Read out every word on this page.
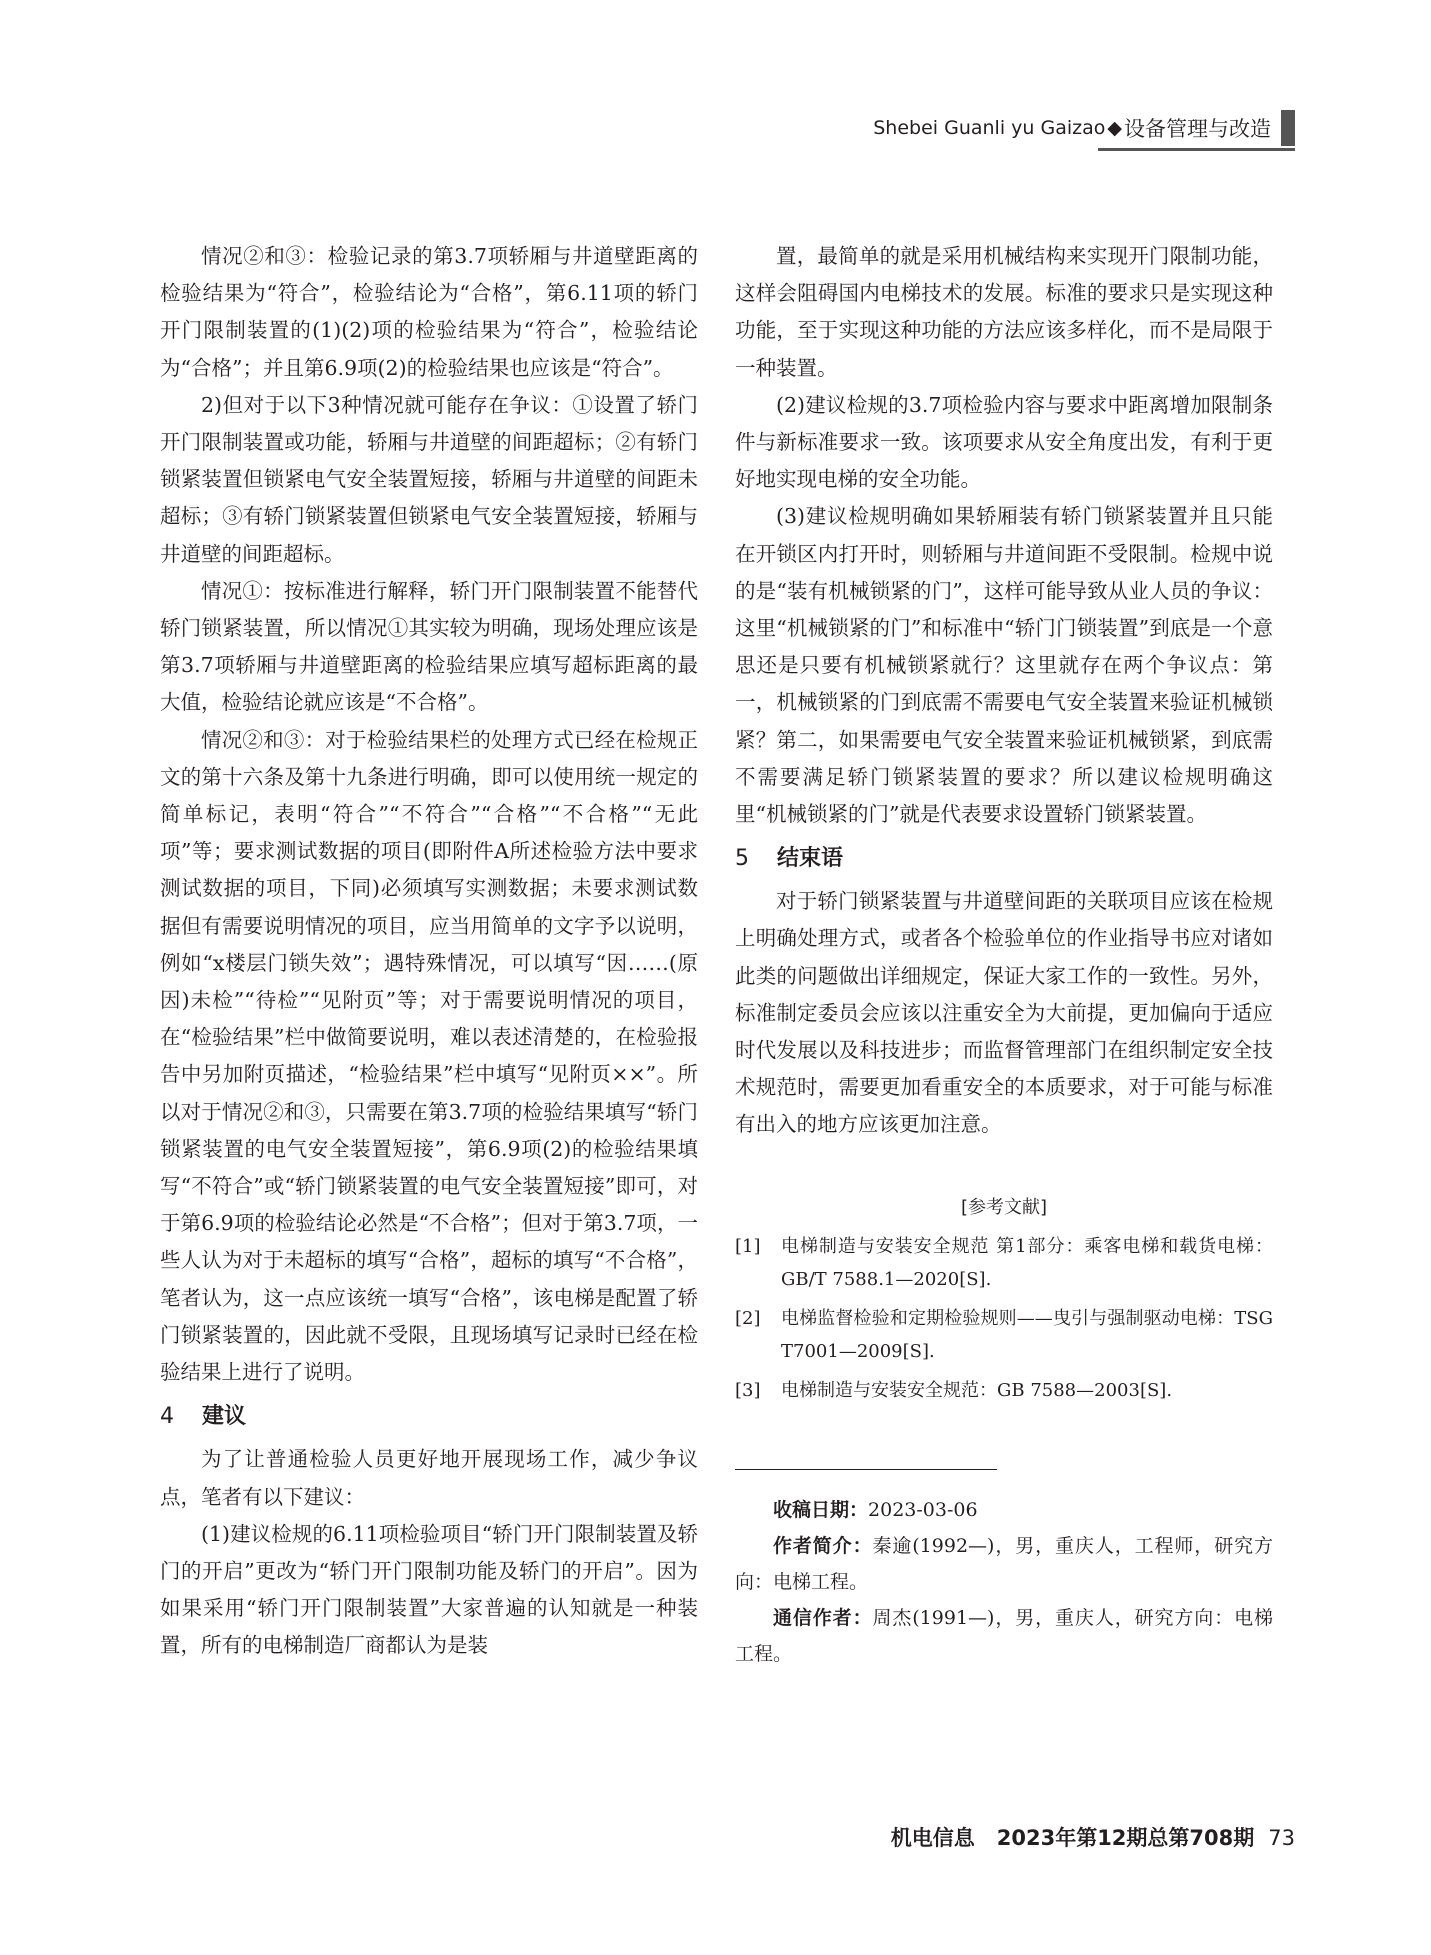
Shebei Guanli yu Gaizao ◆ 设备管理与改造

情况②和③：检验记录的第3.7项轿厢与井道壁距离的检验结果为“符合”，检验结论为“合格”，第6.11项的轿门开门限制装置的(1)(2)项的检验结果为“符合”，检验结论为“合格”；并且第6.9项(2)的检验结果也应该是“符合”。

2)但对于以下3种情况就可能存在争议：①设置了轿门开门限制装置或功能，轿厢与井道壁的间距超标；②有轿门锁紧装置但锁紧电气安全装置短接，轿厢与井道壁的间距未超标；③有轿门锁紧装置但锁紧电气安全装置短接，轿厢与井道壁的间距超标。

情况①：按标准进行解释，轿门开门限制装置不能替代轿门锁紧装置，所以情况①其实较为明确，现场处理应该是第3.7项轿厢与井道壁距离的检验结果应填写超标距离的最大值，检验结论就应该是“不合格”。

情况②和③：对于检验结果栏的处理方式已经在检规正文的第十六条及第十九条进行明确，即可以使用统一规定的简单标记，表明“符合”“不符合”“合格”“不合格”“无此项”等；要求测试数据的项目(即附件A所述检验方法中要求测试数据的项目，下同)必须填写实测数据；未要求测试数据但有需要说明情况的项目，应当用简单的文字予以说明，例如“x楼层门锁失效”；遇特殊情况，可以填写“因……(原因)未检”“待检”“见附页”等；对于需要说明情况的项目，在“检验结果”栏中做简要说明，难以表述清楚的，在检验报告中另加附页描述，“检验结果”栏中填写“见附页××”。所以对于情况②和③，只需要在第3.7项的检验结果填写“轿门锁紧装置的电气安全装置短接”，第6.9项(2)的检验结果填写“不符合”或“轿门锁紧装置的电气安全装置短接”即可，对于第6.9项的检验结论必然是“不合格”；但对于第3.7项，一些人认为对于未超标的填写“合格”，超标的填写“不合格”，笔者认为，这一点应该统一填写“合格”，该电梯是配置了轿门锁紧装置的，因此就不受限，且现场填写记录时已经在检验结果上进行了说明。

4 建议

为了让普通检验人员更好地开展现场工作，减少争议点，笔者有以下建议：

(1)建议检规的6.11项检验项目“轿门开门限制装置及轿门的开启”更改为“轿门开门限制功能及轿门的开启”。因为如果采用“轿门开门限制装置”大家普遍的认知就是一种装置，所有的电梯制造厂商都认为是装

置，最简单的就是采用机械结构来实现开门限制功能，这样会阻碍国内电梯技术的发展。标准的要求只是实现这种功能，至于实现这种功能的方法应该多样化，而不是局限于一种装置。

(2)建议检规的3.7项检验内容与要求中距离增加限制条件与新标准要求一致。该项要求从安全角度出发，有利于更好地实现电梯的安全功能。

(3)建议检规明确如果轿厢装有轿门锁紧装置并且只能在开锁区内打开时，则轿厢与井道间距不受限制。检规中说的是“装有机械锁紧的门”，这样可能导致从业人员的争议：这里“机械锁紧的门”和标准中“轿门门锁装置”到底是一个意思还是只要有机械锁紧就行？这里就存在两个争议点：第一，机械锁紧的门到底需不需要电气安全装置来验证机械锁紧？第二，如果需要电气安全装置来验证机械锁紧，到底需不需要满足轿门锁紧装置的要求？所以建议检规明确这里“机械锁紧的门”就是代表要求设置轿门锁紧装置。

5 结束语

对于轿门锁紧装置与井道壁间距的关联项目应该在检规上明确处理方式，或者各个检验单位的作业指导书应对诸如此类的问题做出详细规定，保证大家工作的一致性。另外，标准制定委员会应该以注重安全为大前提，更加偏向于适应时代发展以及科技进步；而监督管理部门在组织制定安全技术规范时，需要更加看重安全的本质要求，对于可能与标准有出入的地方应该更加注意。

[参考文献]
[1]	电梯制造与安装安全规范 第1部分：乘客电梯和载货电梯：GB/T 7588.1—2020[S].
[2]	电梯监督检验和定期检验规则——曳引与强制驱动电梯：TSG T7001—2009[S].
[3]	电梯制造与安装安全规范：GB 7588—2003[S].

收稿日期：2023-03-06

作者简介：秦逾(1992—)，男，重庆人，工程师，研究方向：电梯工程。

通信作者：周杰(1991—)，男，重庆人，研究方向：电梯工程。

机电信息 2023年第12期总第708期 73
